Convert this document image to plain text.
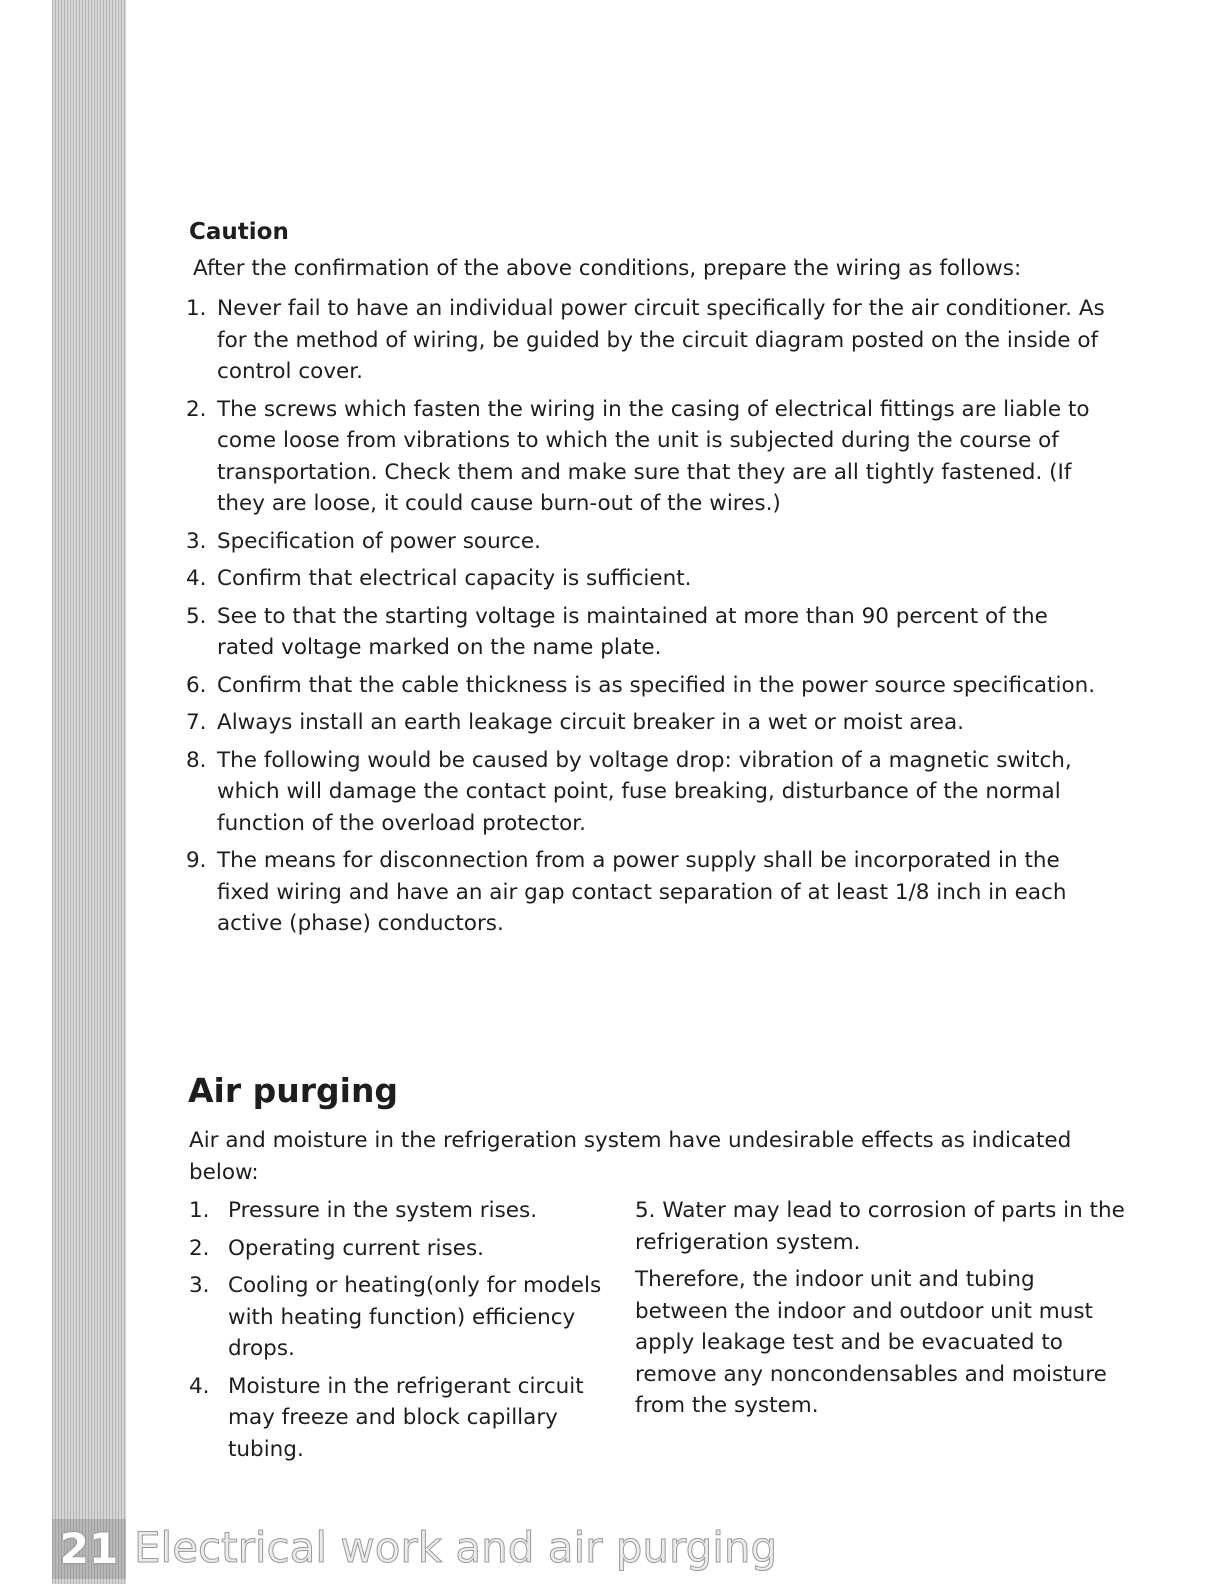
Caution

After the confirmation of the above conditions, prepare the wiring as follows:

1. Never fail to have an individual power circuit specifically for the air conditioner. As for the method of wiring, be guided by the circuit diagram posted on the inside of control cover.
2. The screws which fasten the wiring in the casing of electrical fittings are liable to come loose from vibrations to which the unit is subjected during the course of transportation. Check them and make sure that they are all tightly fastened. (If they are loose, it could cause burn-out of the wires.)
3. Specification of power source.
4. Confirm that electrical capacity is sufficient.
5. See to that the starting voltage is maintained at more than 90 percent of the rated voltage marked on the name plate.
6. Confirm that the cable thickness is as specified in the power source specification.
7. Always install an earth leakage circuit breaker in a wet or moist area.
8. The following would be caused by voltage drop: vibration of a magnetic switch, which will damage the contact point, fuse breaking, disturbance of the normal function of the overload protector.
9. The means for disconnection from a power supply shall be incorporated in the fixed wiring and have an air gap contact separation of at least 1/8 inch in each active (phase) conductors.
Air purging

Air and moisture in the refrigeration system have undesirable effects as indicated below:

1. Pressure in the system rises.
2. Operating current rises.
3. Cooling or heating(only for models with heating function) efficiency drops.
4. Moisture in the refrigerant circuit may freeze and block capillary tubing.

5. Water may lead to corrosion of parts in the refrigeration system.

Therefore, the indoor unit and tubing between the indoor and outdoor unit must apply leakage test and be evacuated to remove any noncondensables and moisture from the system.

21 Electrical work and air purging
